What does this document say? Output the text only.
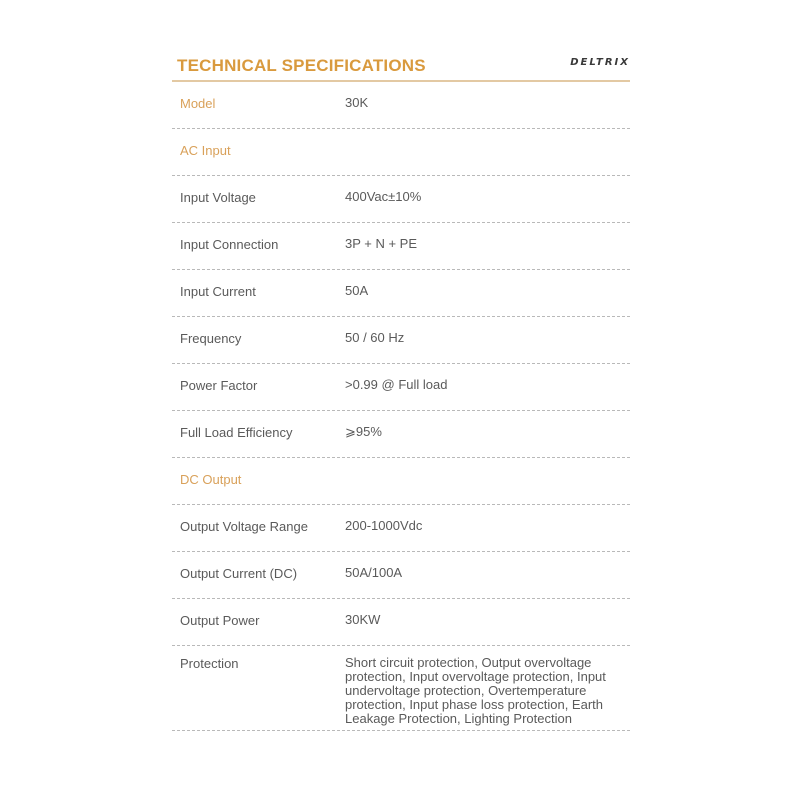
TECHNICAL SPECIFICATIONS	DELTRIX
Model	30K
AC Input
Input Voltage	400Vac±10%
Input Connection	3P + N + PE
Input Current	50A
Frequency	50 / 60 Hz
Power Factor	>0.99 @ Full load
Full Load Efficiency	⩾95%
DC Output
Output Voltage Range	200-1000Vdc
Output Current (DC)	50A/100A
Output Power	30KW
Protection	Short circuit protection, Output overvoltage protection, Input overvoltage protection, Input undervoltage protection, Overtemperature protection, Input phase loss protection, Earth Leakage Protection, Lighting Protection
